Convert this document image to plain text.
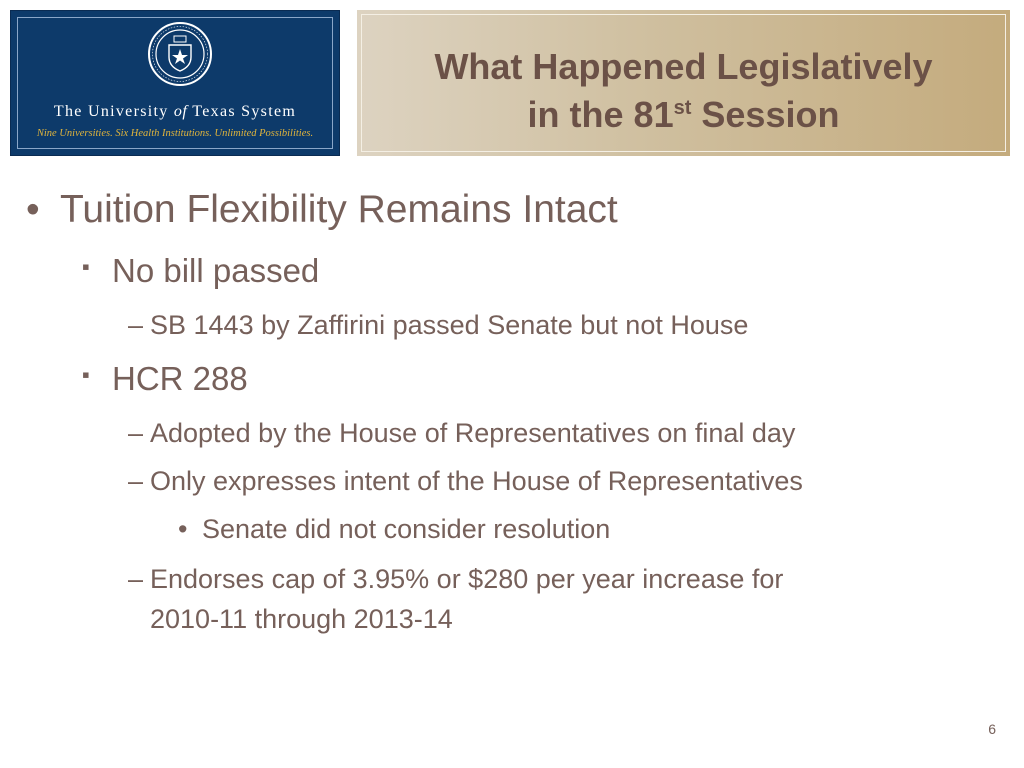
The University of Texas System
Nine Universities. Six Health Institutions. Unlimited Possibilities.
What Happened Legislatively
in the 81st Session
• Tuition Flexibility Remains Intact
▪ No bill passed
– SB 1443 by Zaffirini passed Senate but not House
▪ HCR 288
– Adopted by the House of Representatives on final day
– Only expresses intent of the House of Representatives
• Senate did not consider resolution
– Endorses cap of 3.95% or $280 per year increase for
2010-11 through 2013-14
6
